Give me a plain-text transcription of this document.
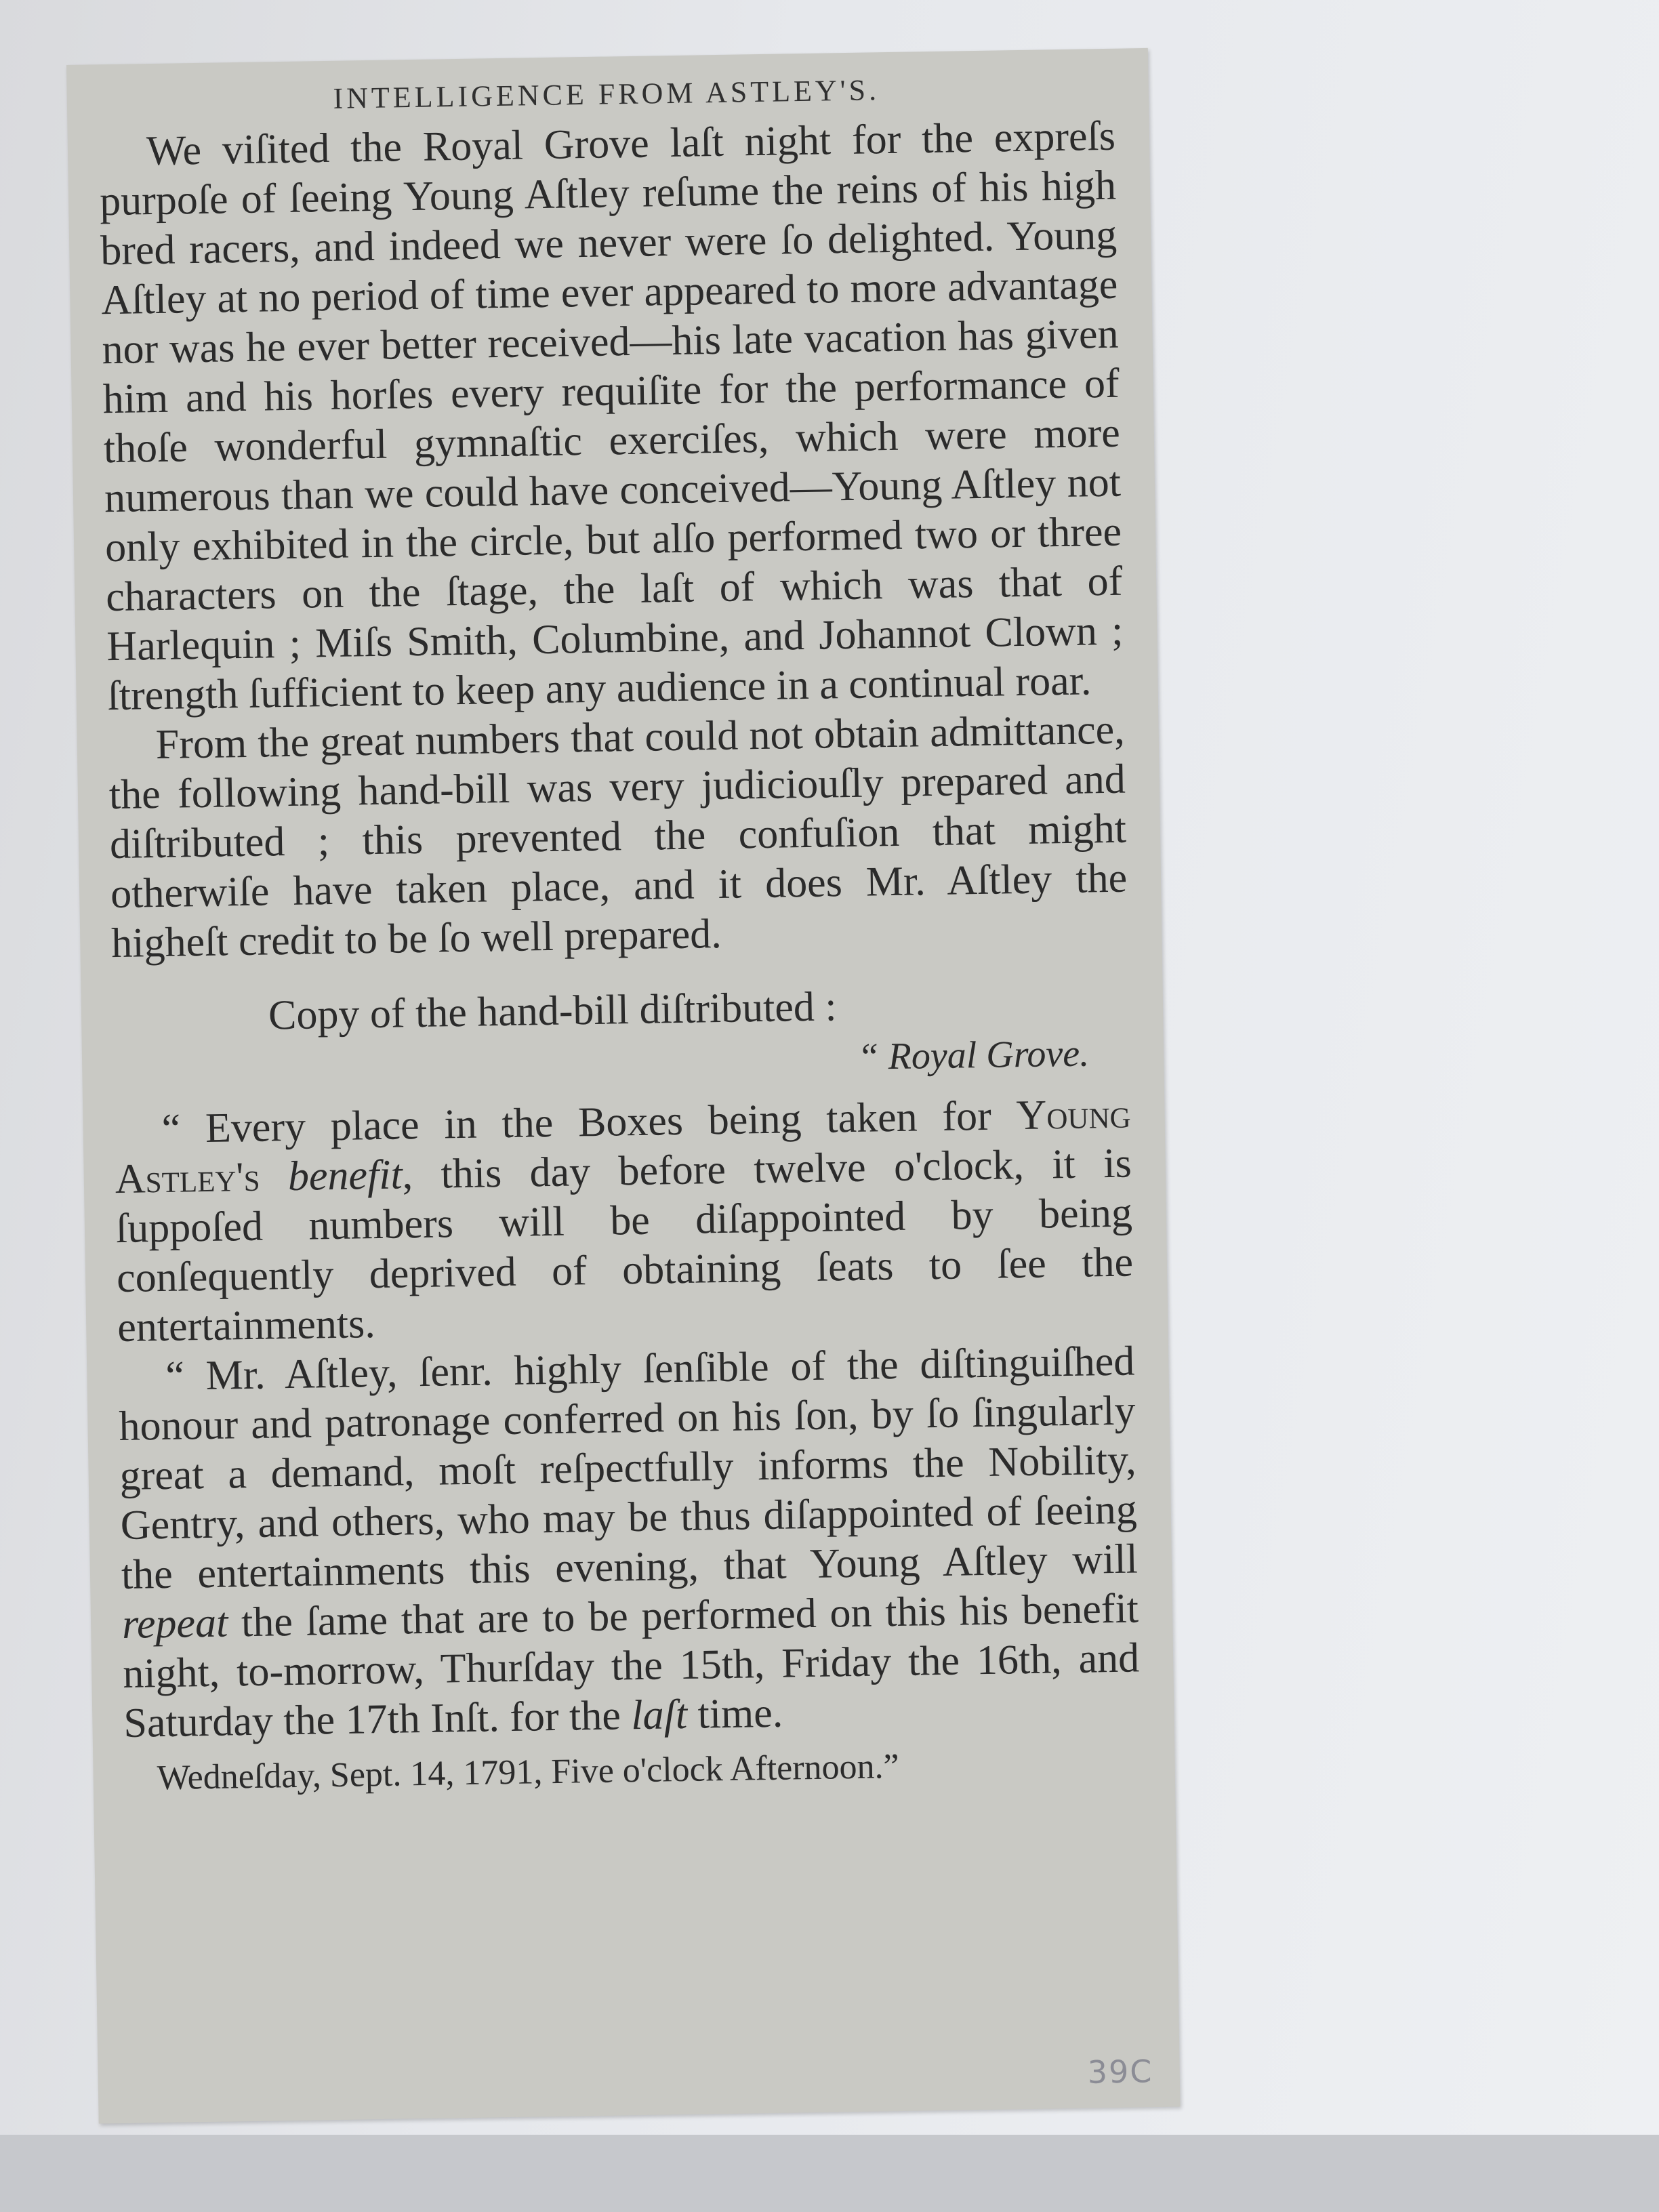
INTELLIGENCE FROM ASTLEY'S.

We viſited the Royal Grove laſt night for the expreſs purpoſe of ſeeing Young Aſtley reſume the reins of his high bred racers, and indeed we never were ſo delighted. Young Aſtley at no period of time ever appeared to more advantage nor was he ever better received—his late vacation has given him and his horſes every requiſite for the performance of thoſe wonderful gymnaſtic exerciſes, which were more numerous than we could have conceived—Young Aſtley not only exhibited in the circle, but alſo performed two or three characters on the ſtage, the laſt of which was that of Harlequin ; Miſs Smith, Columbine, and Johannot Clown ; ſtrength ſufficient to keep any audience in a continual roar.

From the great numbers that could not obtain admittance, the following hand-bill was very judiciouſly prepared and diſtributed ; this prevented the confuſion that might otherwiſe have taken place, and it does Mr. Aſtley the higheſt credit to be ſo well prepared.

Copy of the hand-bill diſtributed :

“ Royal Grove.

“ Every place in the Boxes being taken for Young Astley's benefit, this day before twelve o'clock, it is ſuppoſed numbers will be diſappointed by being conſequently deprived of obtaining ſeats to ſee the entertainments.

“ Mr. Aſtley, ſenr. highly ſenſible of the diſtinguiſhed honour and patronage conferred on his ſon, by ſo ſingularly great a demand, moſt reſpectfully informs the Nobility, Gentry, and others, who may be thus diſappointed of ſeeing the entertainments this evening, that Young Aſtley will repeat the ſame that are to be performed on this his benefit night, to-morrow, Thurſday the 15th, Friday the 16th, and Saturday the 17th Inſt. for the laſt time.

Wedneſday, Sept. 14, 1791, Five o'clock Afternoon.”

39C
